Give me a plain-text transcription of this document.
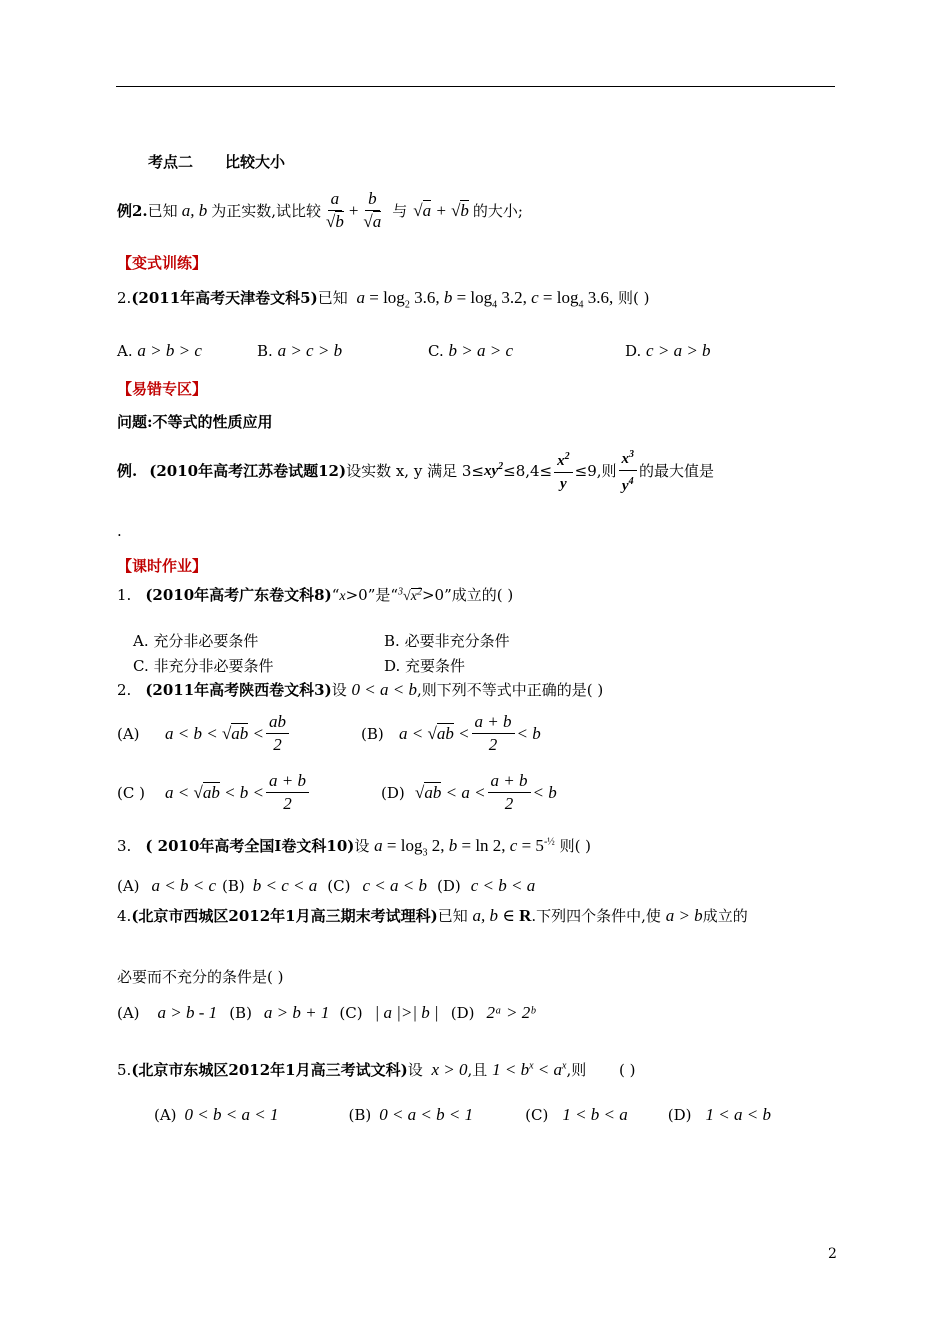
考点二 比较大小
例2. 已知 a, b 为正实数,试比较
a
√b
+ $\frac{b}{√a}$ 与 √a + √b 的大小;
【变式训练】
2.(2011年高考天津卷文科5)已知 $a = \log_2 3.6$, $b = \log_4 3.2$, $c = \log_4 3.6$, 则( )
A. a > b > c	B. a > c > b	C. b > a > c	D. c > a > b
【易错专区】
问题:不等式的性质应用
例. (2010年高考江苏卷试题12) 设实数 x, y 满足 $3\le xy^2 \le 8,4\le \frac{x^2}{y} \le 9$,则
$x^3$
$y^4$
的最大值是
.
【课时作业】
1. (2010年高考广东卷文科8)“x>0”是“$^3√x^2>0$”成立的( )
A. 充分非必要条件	B. 必要非充分条件
C. 非充分非必要条件	D. 充要条件
2. (2011年高考陕西卷文科3)设 0 < a < b,则下列不等式中正确的是( )
(A)	a < b < √ab <
ab
2
(B) a < √ab <
a + b
2
< b
(C )	a < √ab < b <
a + b
2
(D) √ab < a <
a + b
2
< b
3. ( 2010年高考全国Ⅰ卷文科10)设 $a = \log_3 2$, b = ln 2, $c = 5^{-\frac{1}{2}}$ 则( )
(A) a < b < c (B) b < c < a (C) c < a < b (D) c < b < a
4.(北京市西城区2012年1月高三期末考试理科)已知 a, b ∈ R.下列四个条件中,使 a > b成立的
必要而不充分的条件是( )
(A) a > b - 1 (B) a > b + 1 (C) | a |>| b | (D) 2ᵃ > 2ᵇ
5.(北京市东城区2012年1月高三考试文科)设 x > 0,且 $1 < b^x < a^x$,则 ( )
(A) 0 < b < a < 1	(B) 0 < a < b < 1	(C) 1 < b < a	(D) 1 < a < b
2
